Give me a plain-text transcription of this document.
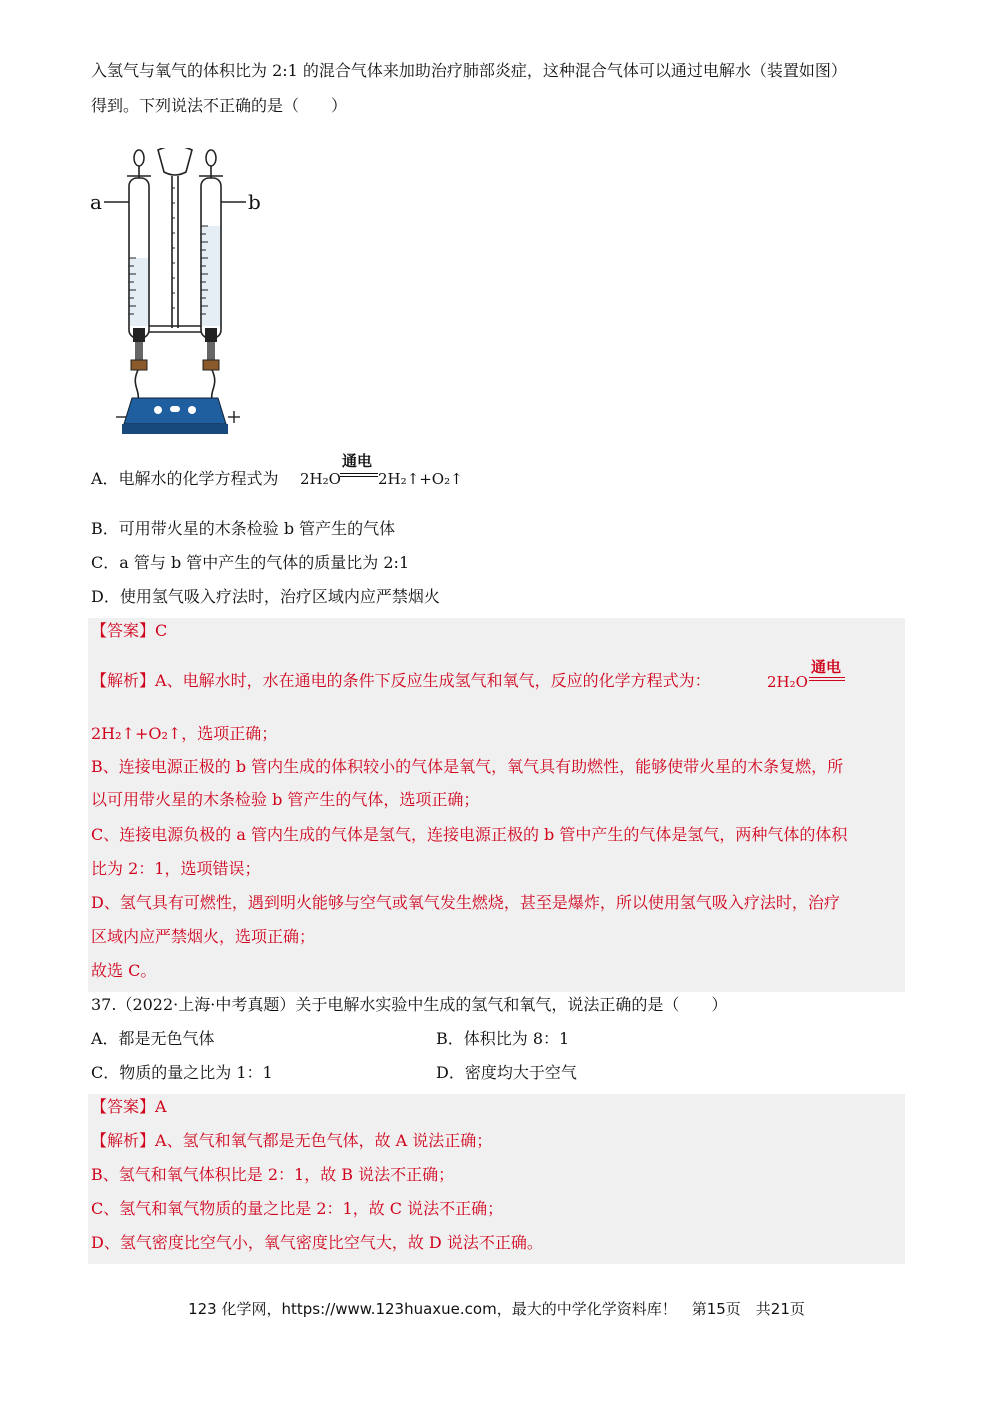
入氢气与氧气的体积比为 2:1 的混合气体来加助治疗肺部炎症，这种混合气体可以通过电解水（装置如图）
得到。下列说法不正确的是（　　）
a	b
A．电解水的化学方程式为 2H₂O
通电
2H₂↑+O₂↑
B．可用带火星的木条检验 b 管产生的气体
C．a 管与 b 管中产生的气体的质量比为 2:1
D．使用氢气吸入疗法时，治疗区域内应严禁烟火
【答案】C
【解析】A、电解水时，水在通电的条件下反应生成氢气和氧气，反应的化学方程式为：	2H₂O
通电
2H₂↑+O₂↑，选项正确；
B、连接电源正极的 b 管内生成的体积较小的气体是氧气，氧气具有助燃性，能够使带火星的木条复燃，所
以可用带火星的木条检验 b 管产生的气体，选项正确；
C、连接电源负极的 a 管内生成的气体是氢气，连接电源正极的 b 管中产生的气体是氢气，两种气体的体积
比为 2：1，选项错误；
D、氢气具有可燃性，遇到明火能够与空气或氧气发生燃烧，甚至是爆炸，所以使用氢气吸入疗法时，治疗
区域内应严禁烟火，选项正确；
故选 C。
37.（2022·上海·中考真题）关于电解水实验中生成的氢气和氧气，说法正确的是（　　）
A．都是无色气体	B．体积比为 8：1
C．物质的量之比为 1：1	D．密度均大于空气
【答案】A
【解析】A、氢气和氧气都是无色气体，故 A 说法正确；
B、氢气和氧气体积比是 2：1，故 B 说法不正确；
C、氢气和氧气物质的量之比是 2：1，故 C 说法不正确；
D、氢气密度比空气小，氧气密度比空气大，故 D 说法不正确。
123 化学网，https://www.123huaxue.com，最大的中学化学资料库！　第15页　共21页
